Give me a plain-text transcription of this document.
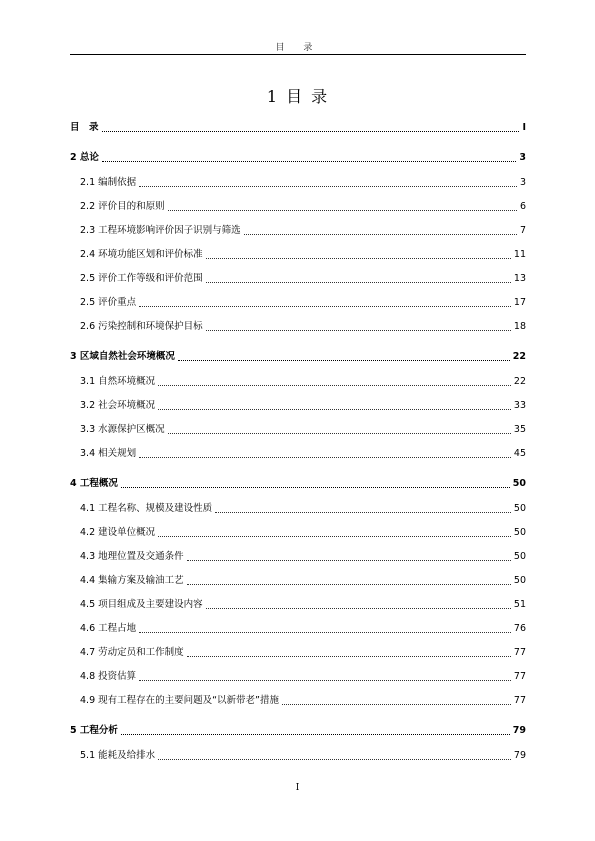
目 录
1 目 录
目　录	I
2 总论	3
2.1 编制依据	3
2.2 评价目的和原则	6
2.3 工程环境影响评价因子识别与筛选	7
2.4 环境功能区划和评价标准	11
2.5 评价工作等级和评价范围	13
2.5 评价重点	17
2.6 污染控制和环境保护目标	18
3 区域自然社会环境概况	22
3.1 自然环境概况	22
3.2 社会环境概况	33
3.3 水源保护区概况	35
3.4 相关规划	45
4 工程概况	50
4.1 工程名称、规模及建设性质	50
4.2 建设单位概况	50
4.3 地理位置及交通条件	50
4.4 集输方案及输油工艺	50
4.5 项目组成及主要建设内容	51
4.6 工程占地	76
4.7 劳动定员和工作制度	77
4.8 投资估算	77
4.9 现有工程存在的主要问题及“以新带老”措施	77
5 工程分析	79
5.1 能耗及给排水	79
I
